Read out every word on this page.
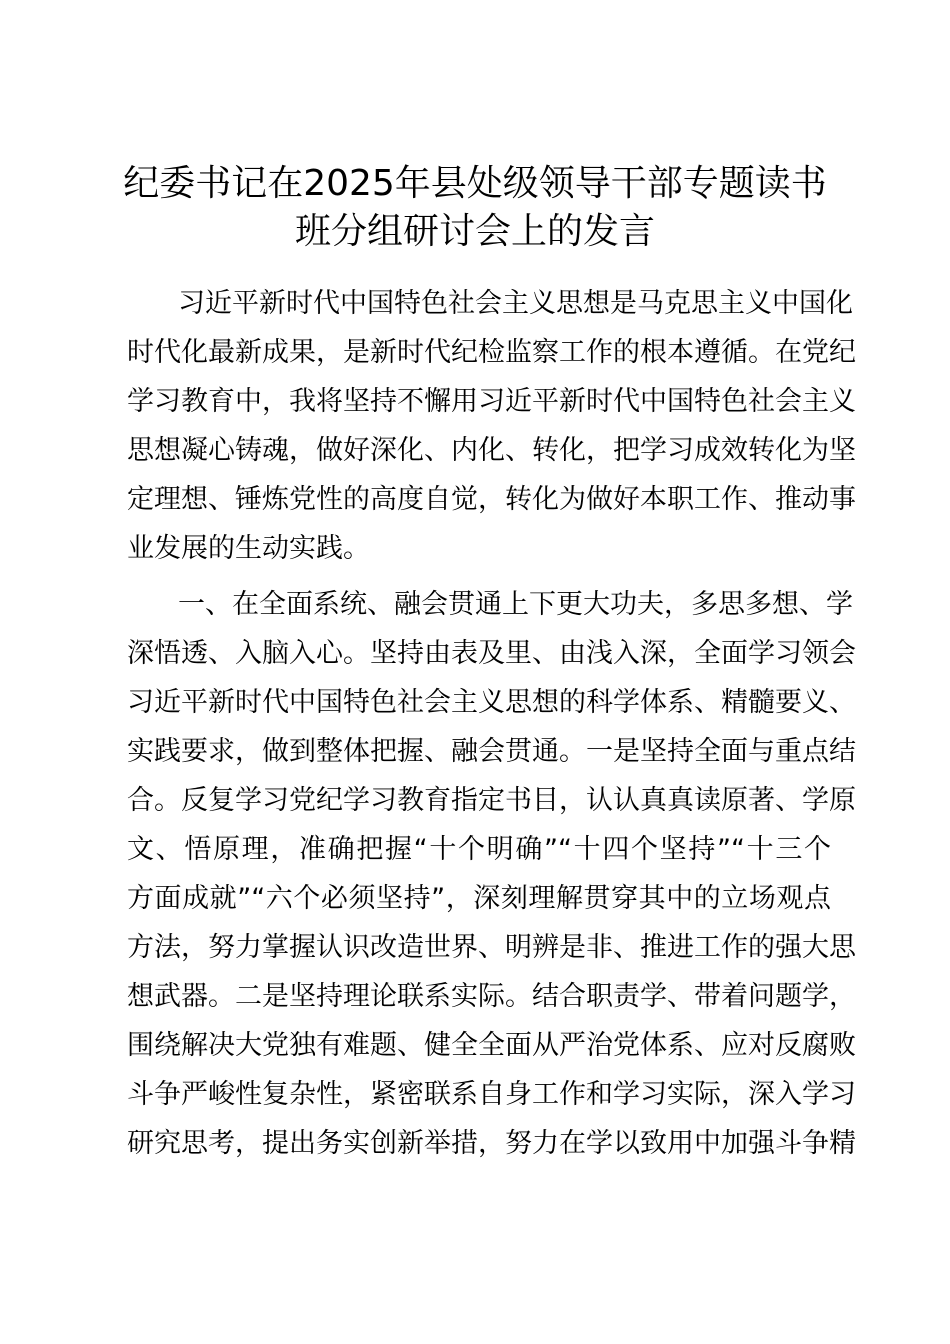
纪委书记在2025年县处级领导干部专题读书
班分组研讨会上的发言

习近平新时代中国特色社会主义思想是马克思主义中国化

时代化最新成果，是新时代纪检监察工作的根本遵循。在党纪

学习教育中，我将坚持不懈用习近平新时代中国特色社会主义

思想凝心铸魂，做好深化、内化、转化，把学习成效转化为坚

定理想、锤炼党性的高度自觉，转化为做好本职工作、推动事

业发展的生动实践。

一、在全面系统、融会贯通上下更大功夫，多思多想、学

深悟透、入脑入心。坚持由表及里、由浅入深，全面学习领会

习近平新时代中国特色社会主义思想的科学体系、精髓要义、

实践要求，做到整体把握、融会贯通。一是坚持全面与重点结

合。反复学习党纪学习教育指定书目，认认真真读原著、学原

文、悟原理，准确把握“十个明确”“十四个坚持”“十三个

方面成就”“六个必须坚持”，深刻理解贯穿其中的立场观点

方法，努力掌握认识改造世界、明辨是非、推进工作的强大思

想武器。二是坚持理论联系实际。结合职责学、带着问题学，

围绕解决大党独有难题、健全全面从严治党体系、应对反腐败

斗争严峻性复杂性，紧密联系自身工作和学习实际，深入学习

研究思考，提出务实创新举措，努力在学以致用中加强斗争精
